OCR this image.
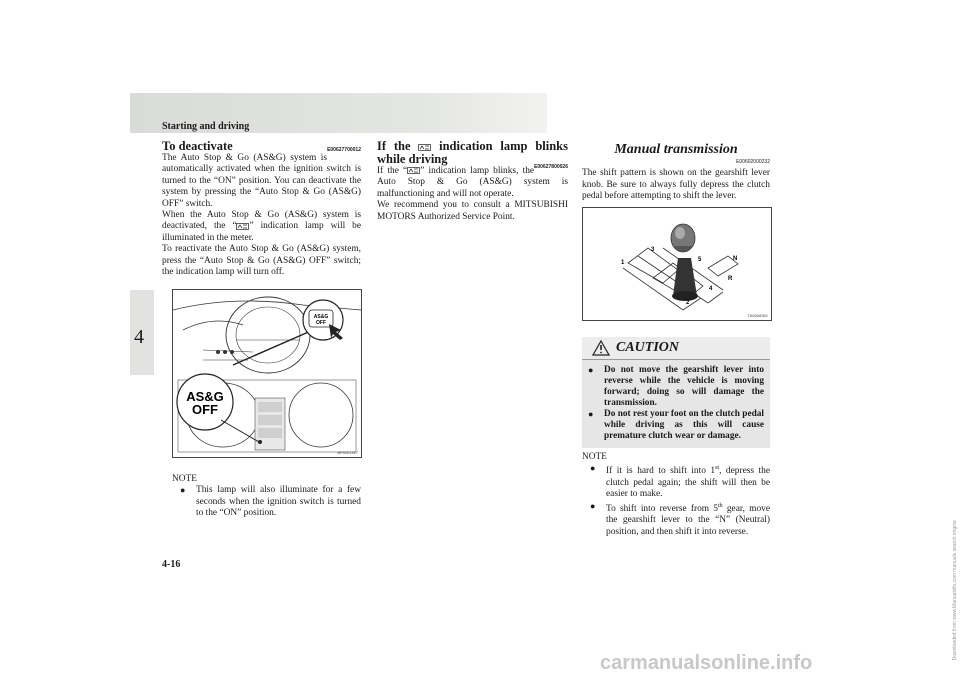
Starting and driving
4
To deactivate	E00627700012

The Auto Stop & Go (AS&G) system is automatically activated when the ignition switch is turned to the “ON” position. You can deactivate the system by pressing the “Auto Stop & Go (AS&G) OFF” switch.

When the Auto Stop & Go (AS&G) system is deactivated, the “ ” indication lamp will be illuminated in the meter.

To reactivate the Auto Stop & Go (AS&G) system, press the “Auto Stop & Go (AS&G) OFF” switch; the indication lamp will turn off.

AS&G
OFF
AS&G
OFF
AF3001317

NOTE

● This lamp will also illuminate for a few seconds when the ignition switch is turned to the “ON” position.
If the indication lamp blinks while driving
E00627800026

If the “ ” indication lamp blinks, the Auto Stop & Go (AS&G) system is malfunctioning and will not operate.

We recommend you to consult a MITSUBISHI MOTORS Authorized Service Point.

Manual transmission
E00602000232

The shift pattern is shown on the gearshift lever knob. Be sure to always fully depress the clutch pedal before attempting to shift the lever.

5
3
1
N
R
4
2
TA0008351
CAUTION
● Do not move the gearshift lever into reverse while the vehicle is moving forward; doing so will damage the transmission.
● Do not rest your foot on the clutch pedal while driving as this will cause premature clutch wear or damage.

NOTE

● If it is hard to shift into 1st, depress the clutch pedal again; the shift will then be easier to make.
● To shift into reverse from 5th gear, move the gearshift lever to the “N” (Neutral) position, and then shift it into reverse.
4-16
carmanualsonline.info
Downloaded from www.Manualslib.com manuals search engine
